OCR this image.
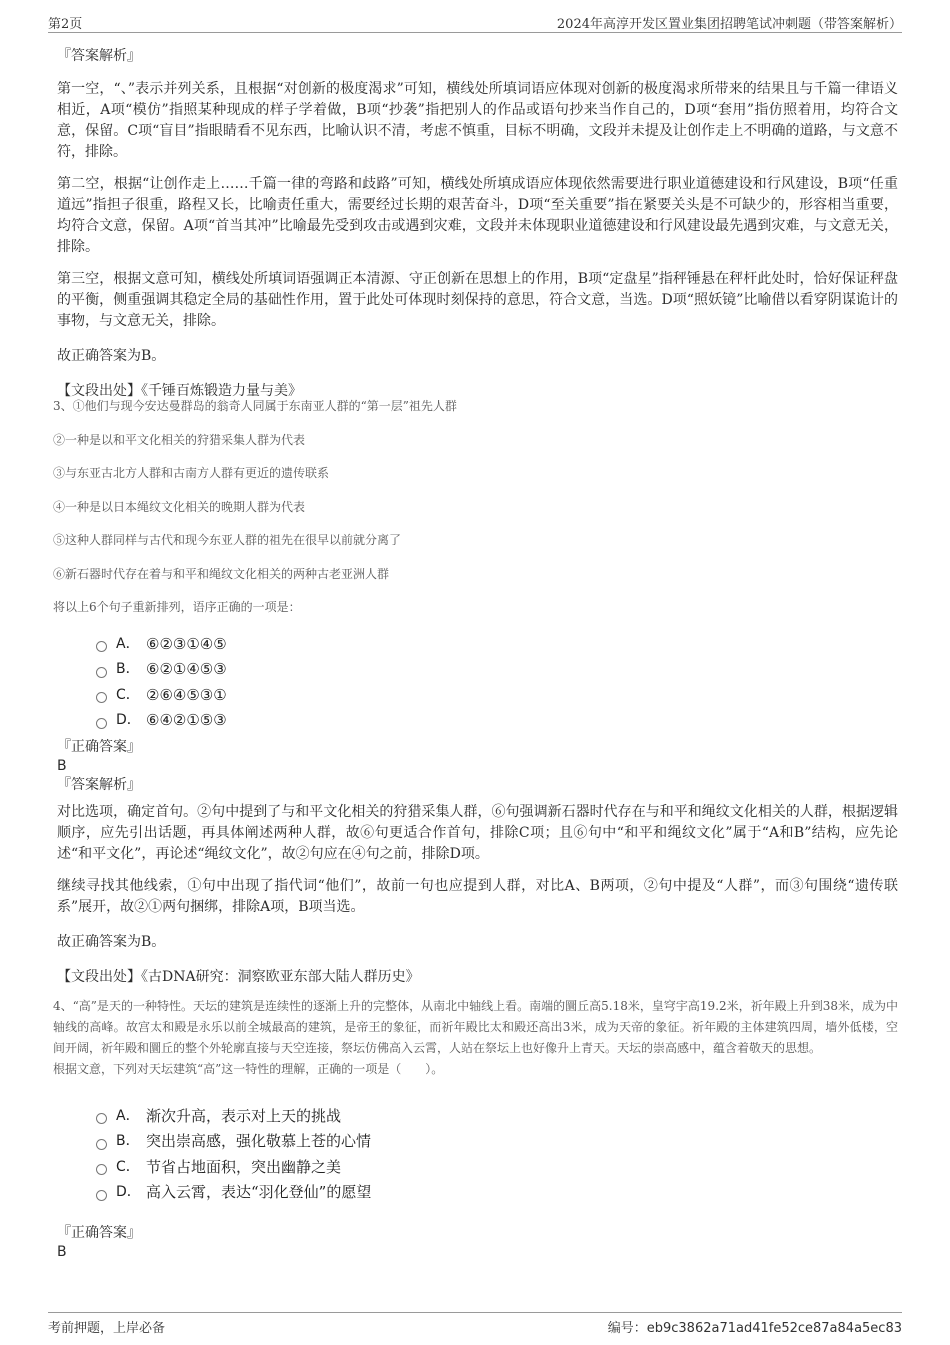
第2页	2024年高淳开发区置业集团招聘笔试冲刺题（带答案解析）

『答案解析』

第一空，“、”表示并列关系，且根据“对创新的极度渴求”可知，横线处所填词语应体现对创新的极度渴求所带来的结果且与千篇一律语义相近，A项“模仿”指照某种现成的样子学着做，B项“抄袭”指把别人的作品或语句抄来当作自己的，D项“套用”指仿照着用，均符合文意，保留。C项“盲目”指眼睛看不见东西，比喻认识不清，考虑不慎重，目标不明确，文段并未提及让创作走上不明确的道路，与文意不符，排除。

第二空，根据“让创作走上……千篇一律的弯路和歧路”可知，横线处所填成语应体现依然需要进行职业道德建设和行风建设，B项“任重道远”指担子很重，路程又长，比喻责任重大，需要经过长期的艰苦奋斗，D项“至关重要”指在紧要关头是不可缺少的，形容相当重要，均符合文意，保留。A项“首当其冲”比喻最先受到攻击或遇到灾难，文段并未体现职业道德建设和行风建设最先遇到灾难，与文意无关，排除。

第三空，根据文意可知，横线处所填词语强调正本清源、守正创新在思想上的作用，B项“定盘星”指秤锤悬在秤杆此处时，恰好保证秤盘的平衡，侧重强调其稳定全局的基础性作用，置于此处可体现时刻保持的意思，符合文意，当选。D项“照妖镜”比喻借以看穿阴谋诡计的事物，与文意无关，排除。

故正确答案为B。

【文段出处】《千锤百炼锻造力量与美》

3、①他们与现今安达曼群岛的翁奇人同属于东南亚人群的“第一层”祖先人群
②一种是以和平文化相关的狩猎采集人群为代表
③与东亚古北方人群和古南方人群有更近的遗传联系
④一种是以日本绳纹文化相关的晚期人群为代表
⑤这种人群同样与古代和现今东亚人群的祖先在很早以前就分离了
⑥新石器时代存在着与和平和绳纹文化相关的两种古老亚洲人群
将以上6个句子重新排列，语序正确的一项是：
A． ⑥②③①④⑤
B． ⑥②①④⑤③
C． ②⑥④⑤③①
D． ⑥④②①⑤③
『正确答案』
B
『答案解析』

对比选项，确定首句。②句中提到了与和平文化相关的狩猎采集人群，⑥句强调新石器时代存在与和平和绳纹文化相关的人群，根据逻辑顺序，应先引出话题，再具体阐述两种人群，故⑥句更适合作首句，排除C项；且⑥句中“和平和绳纹文化”属于“A和B”结构，应先论述“和平文化”，再论述“绳纹文化”，故②句应在④句之前，排除D项。

继续寻找其他线索，①句中出现了指代词“他们”，故前一句也应提到人群，对比A、B两项，②句中提及“人群”，而③句围绕“遗传联系”展开，故②①两句捆绑，排除A项，B项当选。

故正确答案为B。

【文段出处】《古DNA研究：洞察欧亚东部大陆人群历史》

4、“高”是天的一种特性。天坛的建筑是连续性的逐渐上升的完整体，从南北中轴线上看。南端的圜丘高5.18米，皇穹宇高19.2米，祈年殿上升到38米，成为中轴线的高峰。故宫太和殿是永乐以前全城最高的建筑，是帝王的象征，而祈年殿比太和殿还高出3米，成为天帝的象征。祈年殿的主体建筑四周，墙外低楼，空间开阔，祈年殿和圜丘的整个外轮廓直接与天空连接，祭坛仿佛高入云霄，人站在祭坛上也好像升上青天。天坛的崇高感中，蕴含着敬天的思想。

根据文意，下列对天坛建筑“高”这一特性的理解，正确的一项是（　　）。

A． 渐次升高，表示对上天的挑战
B． 突出崇高感，强化敬慕上苍的心情
C． 节省占地面积，突出幽静之美
D． 高入云霄，表达“羽化登仙”的愿望
『正确答案』
B
考前押题，上岸必备	编号：eb9c3862a71ad41fe52ce87a84a5ec83
